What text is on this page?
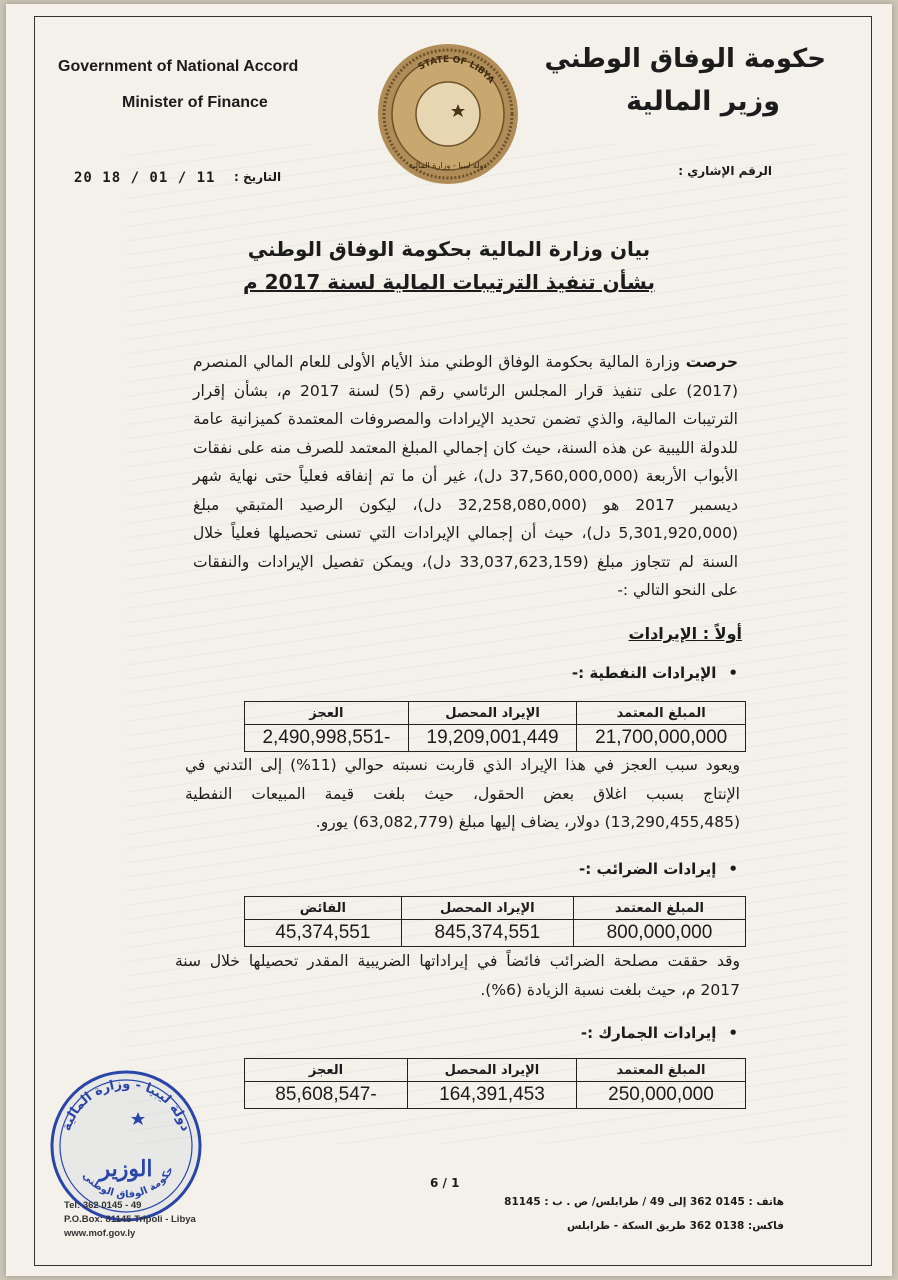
Government of National Accord
Minister of Finance
حكومة الوفاق الوطني
وزير المالية
STATE OF LIBYA
دولة ليبيا - وزارة المالية	الرقم الإشاري :
التاريخ :
20 18 / 01 / 11
بيان وزارة المالية بحكومة الوفاق الوطني
بشأن تنفيذ الترتيبات المالية لسنة 2017 م
حرصت وزارة المالية بحكومة الوفاق الوطني منذ الأيام الأولى للعام المالي المنصرم (2017) على تنفيذ قرار المجلس الرئاسي رقم (5) لسنة 2017 م، بشأن إقرار الترتيبات المالية، والذي تضمن تحديد الإيرادات والمصروفات المعتمدة كميزانية عامة للدولة الليبية عن هذه السنة، حيث كان إجمالي المبلغ المعتمد للصرف منه على نفقات الأبواب الأربعة (37,560,000,000 دل)، غير أن ما تم إنفاقه فعلياً حتى نهاية شهر ديسمبر 2017 هو (32,258,080,000 دل)، ليكون الرصيد المتبقي مبلغ (5,301,920,000 دل)، حيث أن إجمالي الإيرادات التي تسنى تحصيلها فعلياً خلال السنة لم تتجاوز مبلغ (33,037,623,159 دل)، ويمكن تفصيل الإيرادات والنفقات على النحو التالي :-
أولاً : الإيرادات
• الإيرادات النفطية :-
المبلغ المعتمد	الإيراد المحصل	العجز
21,700,000,000	19,209,001,449	-2,490,998,551
ويعود سبب العجز في هذا الإيراد الذي قاربت نسبته حوالي (11%) إلى التدني في الإنتاج بسبب اغلاق بعض الحقول، حيث بلغت قيمة المبيعات النفطية (13,290,455,485) دولار، يضاف إليها مبلغ (63,082,779) يورو.
• إيرادات الضرائب :-
المبلغ المعتمد	الإيراد المحصل	الفائض
800,000,000	845,374,551	45,374,551
وقد حققت مصلحة الضرائب فائضاً في إيراداتها الضريبية المقدر تحصيلها خلال سنة 2017 م، حيث بلغت نسبة الزيادة (6%).
• إيرادات الجمارك :-
المبلغ المعتمد	الإيراد المحصل	العجز
250,000,000	164,391,453	-85,608,547
6 / 1
دولة ليبيا - وزارة المالية
الوزير
حكومة الوفاق الوطني
Tel: 362 0145 - 49
P.O.Box: 81145 Tripoli - Libya
www.mof.gov.ly
هاتف : 0145 362 إلى 49 / طرابلس/ ص . ب : 81145
فاكس: 0138 362 طريق السكة - طرابلس
